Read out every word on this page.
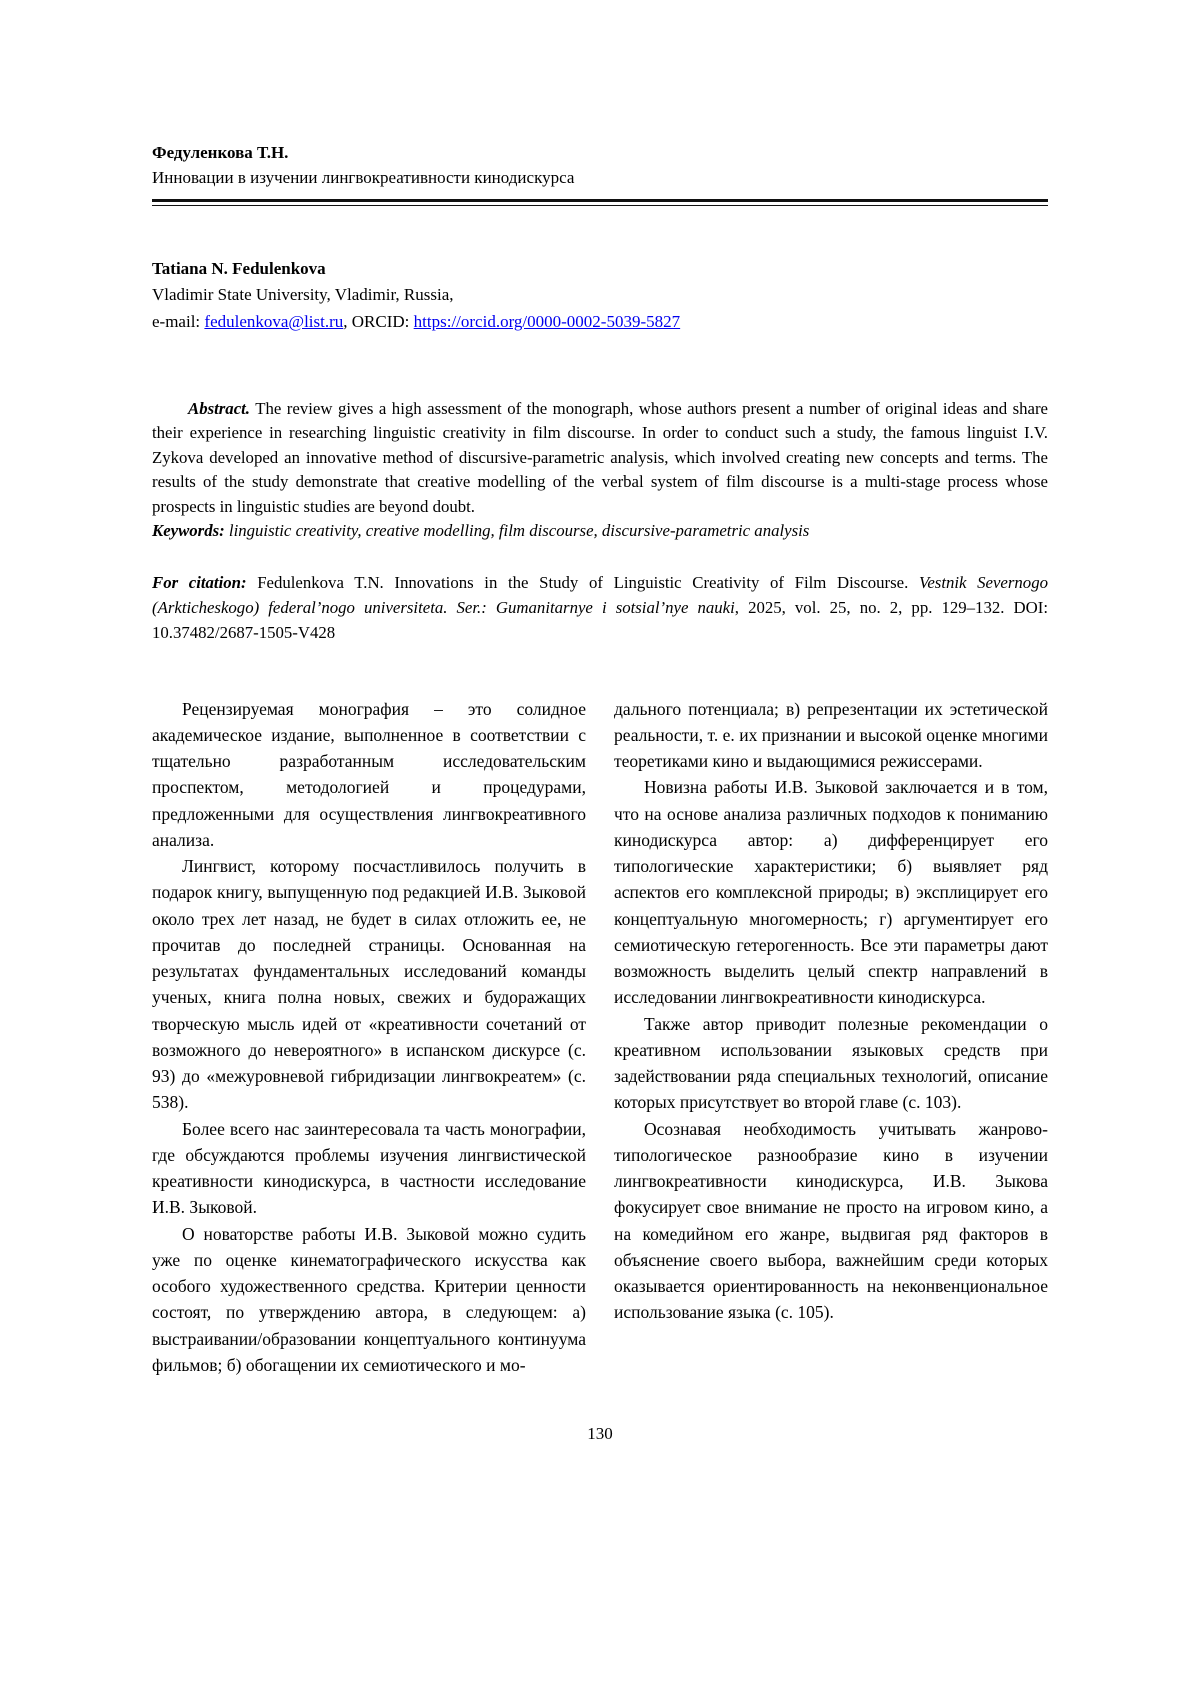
Федуленкова Т.Н.
Инновации в изучении лингвокреативности кинодискурса
Tatiana N. Fedulenkova
Vladimir State University, Vladimir, Russia,
e-mail: fedulenkova@list.ru, ORCID: https://orcid.org/0000-0002-5039-5827

Abstract. The review gives a high assessment of the monograph, whose authors present a number of original ideas and share their experience in researching linguistic creativity in film discourse. In order to conduct such a study, the famous linguist I.V. Zykova developed an innovative method of discursive-parametric analysis, which involved creating new concepts and terms. The results of the study demonstrate that creative modelling of the verbal system of film discourse is a multi-stage process whose prospects in linguistic studies are beyond doubt.

Keywords: linguistic creativity, creative modelling, film discourse, discursive-parametric analysis

For citation: Fedulenkova T.N. Innovations in the Study of Linguistic Creativity of Film Discourse. Vestnik Severnogo (Arkticheskogo) federal’nogo universiteta. Ser.: Gumanitarnye i sotsial’nye nauki, 2025, vol. 25, no. 2, pp. 129–132. DOI: 10.37482/2687-1505-V428

Рецензируемая монография – это солидное академическое издание, выполненное в соответствии с тщательно разработанным исследовательским проспектом, методологией и процедурами, предложенными для осуществления лингвокреативного анализа.

Лингвист, которому посчастливилось получить в подарок книгу, выпущенную под редакцией И.В. Зыковой около трех лет назад, не будет в силах отложить ее, не прочитав до последней страницы. Основанная на результатах фундаментальных исследований команды ученых, книга полна новых, свежих и будоражащих творческую мысль идей от «креативности сочетаний от возможного до невероятного» в испанском дискурсе (с. 93) до «межуровневой гибридизации лингвокреатем» (с. 538).

Более всего нас заинтересовала та часть монографии, где обсуждаются проблемы изучения лингвистической креативности кинодискурса, в частности исследование И.В. Зыковой.

О новаторстве работы И.В. Зыковой можно судить уже по оценке кинематографического искусства как особого художественного средства. Критерии ценности состоят, по утверждению автора, в следующем: а) выстраивании/образовании концептуального континуума фильмов; б) обогащении их семиотического и мо-

дального потенциала; в) репрезентации их эстетической реальности, т. е. их признании и высокой оценке многими теоретиками кино и выдающимися режиссерами.

Новизна работы И.В. Зыковой заключается и в том, что на основе анализа различных подходов к пониманию кинодискурса автор: а) дифференцирует его типологические характеристики; б) выявляет ряд аспектов его комплексной природы; в) эксплицирует его концептуальную многомерность; г) аргументирует его семиотическую гетерогенность. Все эти параметры дают возможность выделить целый спектр направлений в исследовании лингвокреативности кинодискурса.

Также автор приводит полезные рекомендации о креативном использовании языковых средств при задействовании ряда специальных технологий, описание которых присутствует во второй главе (с. 103).

Осознавая необходимость учитывать жанрово-типологическое разнообразие кино в изучении лингвокреативности кинодискурса, И.В. Зыкова фокусирует свое внимание не просто на игровом кино, а на комедийном его жанре, выдвигая ряд факторов в объяснение своего выбора, важнейшим среди которых оказывается ориентированность на неконвенциональное использование языка (с. 105).

130
